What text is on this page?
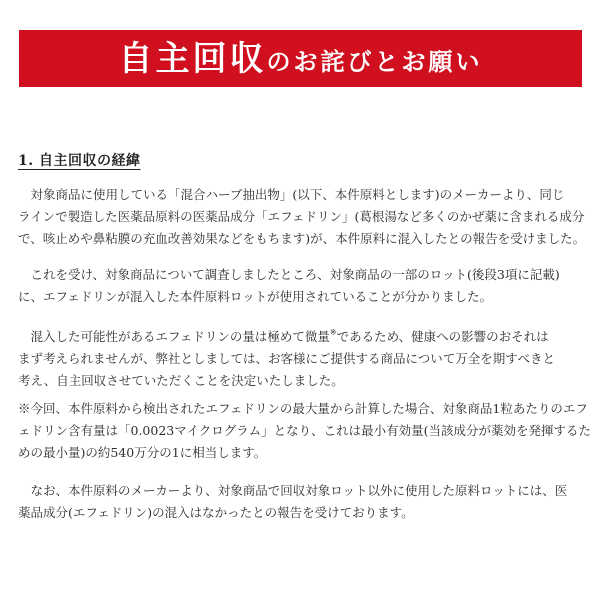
自主回収のお詫びとお願い
1. 自主回収の経緯

対象商品に使用している「混合ハーブ抽出物」(以下、本件原料とします)のメーカーより、同じ
ラインで製造した医薬品原料の医薬品成分「エフェドリン」(葛根湯など多くのかぜ薬に含まれる成分
で、咳止めや鼻粘膜の充血改善効果などをもちます)が、本件原料に混入したとの報告を受けました。

これを受け、対象商品について調査しましたところ、対象商品の一部のロット(後段3項に記載)
に、エフェドリンが混入した本件原料ロットが使用されていることが分かりました。

混入した可能性があるエフェドリンの量は極めて微量※であるため、健康への影響のおそれは
まず考えられませんが、弊社としましては、お客様にご提供する商品について万全を期すべきと
考え、自主回収させていただくことを決定いたしました。

※今回、本件原料から検出されたエフェドリンの最大量から計算した場合、対象商品1粒あたりのエフ
ェドリン含有量は「0.0023マイクログラム」となり、これは最小有効量(当該成分が薬効を発揮するた
めの最小量)の約540万分の1に相当します。

なお、本件原料のメーカーより、対象商品で回収対象ロット以外に使用した原料ロットには、医
薬品成分(エフェドリン)の混入はなかったとの報告を受けております。
